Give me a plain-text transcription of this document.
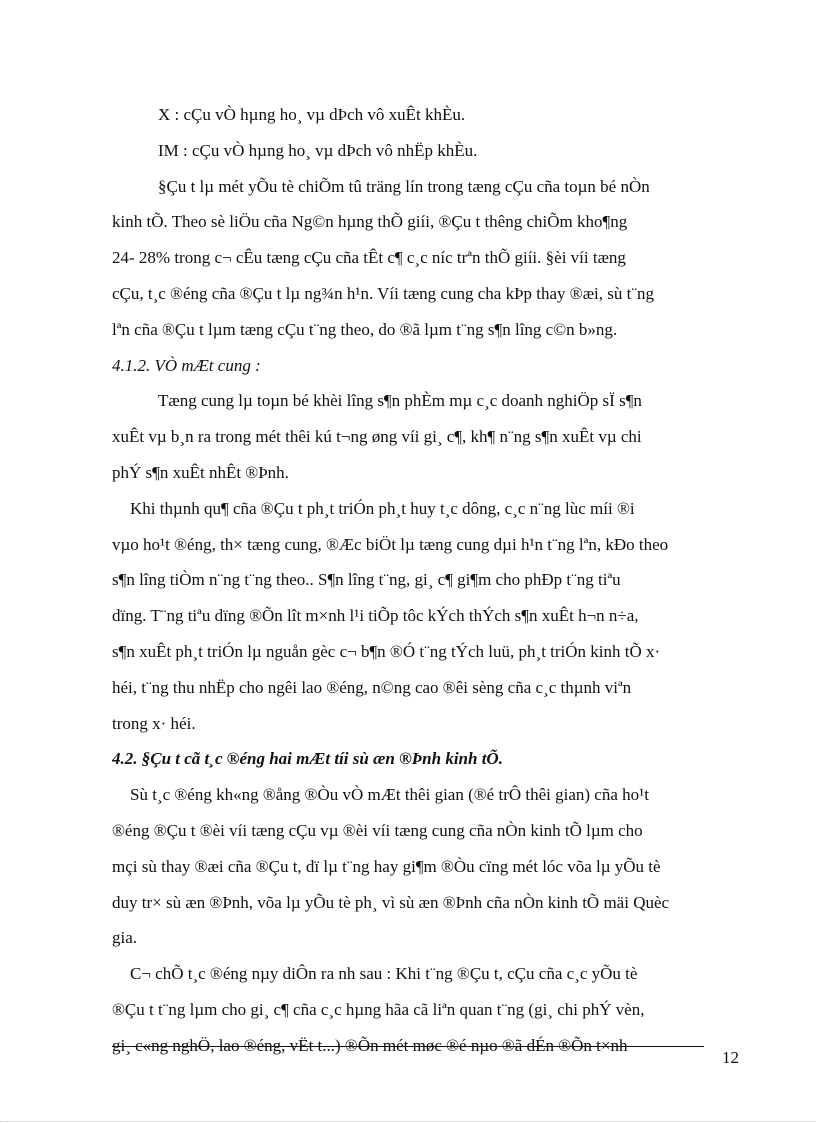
X : cÇu vÒ hµng ho¸ vµ dÞch vô xuÊt khÈu.
IM : cÇu vÒ hµng ho¸ vµ dÞch vô nhËp khÈu.
§Çu t lµ mét yÕu tè chiÕm tû träng lín trong tæng cÇu cña toµn bé nÒn
kinh tÕ. Theo sè liÖu cña Ng©n hµng thÕ giíi, ®Çu t thêng chiÕm kho¶ng
24- 28% trong c¬ cÊu tæng cÇu cña tÊt c¶ c¸c níc trªn thÕ giíi. §èi víi tæng
cÇu, t¸c ®éng cña ®Çu t lµ ng¾n h¹n. Víi tæng cung cha kÞp thay ®æi, sù t¨ng
lªn cña ®Çu t lµm tæng cÇu t¨ng theo, do ®ã lµm t¨ng s¶n lîng c©n b»ng.
4.1.2. VÒ mÆt cung :
Tæng cung lµ toµn bé khèi lîng s¶n phÈm mµ c¸c doanh nghiÖp sÏ s¶n
xuÊt vµ b¸n ra trong mét thêi kú t¬ng øng víi gi¸ c¶, kh¶ n¨ng s¶n xuÊt vµ chi
phÝ s¶n xuÊt nhÊt ®Þnh.
Khi thµnh qu¶ cña ®Çu t ph¸t triÓn ph¸t huy t¸c dông, c¸c n¨ng lùc míi ®i
vµo ho¹t ®éng, th× tæng cung, ®Æc biÖt lµ tæng cung dµi h¹n t¨ng lªn, kÐo theo
s¶n lîng tiÒm n¨ng t¨ng theo.. S¶n lîng t¨ng, gi¸ c¶ gi¶m cho phÐp t¨ng tiªu
dïng. T¨ng tiªu dïng ®Õn lît m×nh l¹i tiÕp tôc kÝch thÝch s¶n xuÊt h¬n n÷a,
s¶n xuÊt ph¸t triÓn lµ nguån gèc c¬ b¶n ®Ó t¨ng tÝch luü, ph¸t triÓn kinh tÕ x·
héi, t¨ng thu nhËp cho ngêi lao ®éng, n©ng cao ®êi sèng cña c¸c thµnh viªn
trong x· héi.
4.2. §Çu t cã t¸c ®éng hai mÆt tíi sù æn ®Þnh kinh tÕ.
Sù t¸c ®éng kh«ng ®ång ®Òu vÒ mÆt thêi gian (®é trÔ thêi gian) cña ho¹t
®éng ®Çu t ®èi víi tæng cÇu vµ ®èi víi tæng cung cña nÒn kinh tÕ lµm cho
mçi sù thay ®æi cña ®Çu t, dï lµ t¨ng hay gi¶m ®Òu cïng mét lóc võa lµ yÕu tè
duy tr× sù æn ®Þnh, võa lµ yÕu tè ph¸ vì sù æn ®Þnh cña nÒn kinh tÕ mäi Quèc
gia.
C¬ chÕ t¸c ®éng nµy diÔn ra nh sau : Khi t¨ng ®Çu t, cÇu cña c¸c yÕu tè
®Çu t t¨ng lµm cho gi¸ c¶ cña c¸c hµng hãa cã liªn quan t¨ng (gi¸ chi phÝ vèn,
gi¸ c«ng nghÖ, lao ®éng, vËt t...) ®Õn mét møc ®é nµo ®ã dÉn ®Õn t×nh
12
